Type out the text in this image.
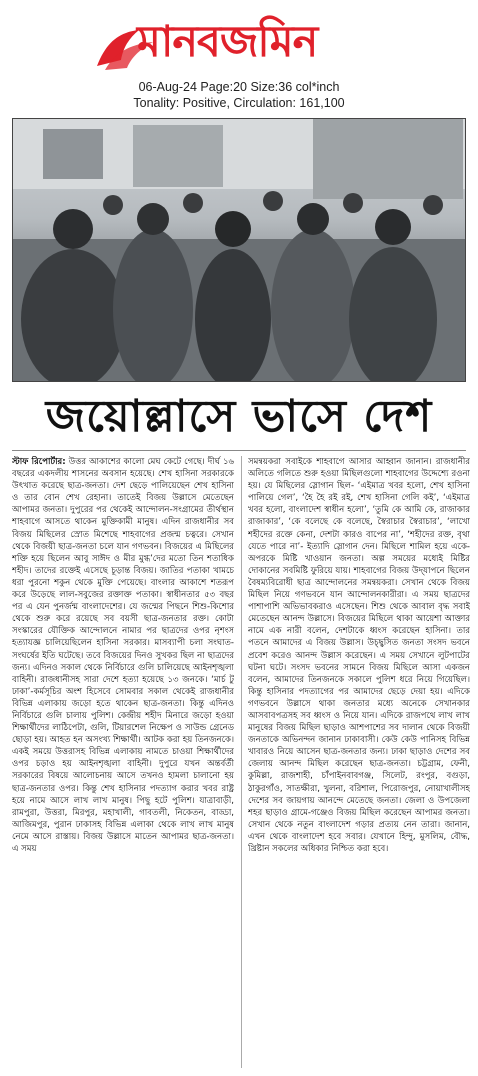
মানবজমিন
06-Aug-24 Page:20 Size:36 col*inch
Tonality: Positive, Circulation: 161,100
জয়োল্লাসে ভাসে দেশ
স্টাফ রিপোর্টার: উত্তর আকাশের কালো মেঘ কেটে গেছে। দীর্ঘ ১৬ বছরের একদলীয় শাসনের অবসান হয়েছে। শেখ হাসিনা সরকারকে উৎখাত করেছে ছাত্র-জনতা। দেশ ছেড়ে পালিয়েছেন শেখ হাসিনা ও তার বোন শেখ রেহানা। তাতেই বিজয় উল্লাসে মেতেছেন আপামর জনতা। দুপুরের পর থেকেই আন্দোলন-সংগ্রামের তীর্থস্থান শাহবাগে আসতে থাকেন মুক্তিকামী মানুষ। এদিন রাজধানীর সব বিজয় মিছিলের স্রোত মিশেছে শাহবাগের প্রজন্ম চত্বরে। সেখান থেকে বিজয়ী ছাত্র-জনতা চলে যান গণভবন। বিজয়ের এ মিছিলের শক্তি হয়ে ছিলেন আবু সাঈদ ও মীর মুগ্ধ’দের মতো তিন শতাধিক শহীদ। তাদের রক্তেই এসেছে চূড়ান্ত বিজয়। জাতির পতাকা খামচে ধরা পুরনো শকুন থেকে মুক্তি পেয়েছে। বাংলার আকাশে শতরূপ করে উড়েছে লাল-সবুজের রক্তাক্ত পতাকা। স্বাধীনতার ৫৩ বছর পর এ যেন পুনর্জন্ম বাংলাদেশের। যে জন্মের পিছনে শিশু-কিশোর থেকে শুরু করে রয়েছে সব বয়সী ছাত্র-জনতার রক্ত। কোটা সংস্কারের যৌক্তিক আন্দোলনে নামার পর ছাত্রদের ওপর নৃশংস হত্যাযজ্ঞ চালিয়েছিলেন হাসিনা সরকার। মাসব্যাপী চলা সংঘাত-সংঘর্ষের ইতি ঘটেছে। তবে বিজয়ের দিনও সুখকর ছিল না ছাত্রদের জন্য। এদিনও সকাল থেকে নির্বিচারে গুলি চালিয়েছে আইনশৃঙ্খলা বাহিনী। রাজধানীসহ সারা দেশে হত্যা হয়েছে ১৩ জনকে। ‘মার্চ টু ঢাকা’-কর্মসূচির অংশ হিসেবে সোমবার সকাল থেকেই রাজধানীর বিভিন্ন এলাকায় জড়ো হতে থাকেন ছাত্র-জনতা। কিন্তু এদিনও নির্বিচারে গুলি চালায় পুলিশ। কেন্দ্রীয় শহীদ মিনারে জড়ো হওয়া শিক্ষার্থীদের লাঠিপেটা, গুলি, টিয়ারশেল নিক্ষেপ ও সাউন্ড গ্রেনেড ছোড়া হয়। আহত হন অসংখ্য শিক্ষার্থী। আটক করা হয় তিনজনকে। একই সময়ে উত্তরাসহ বিভিন্ন এলাকায় নামতে চাওয়া শিক্ষার্থীদের ওপর চড়াও হয় আইনশৃঙ্খলা বাহিনী। দুপুরে যখন অন্তর্বর্তী সরকারের বিষয়ে আলোচনায় আসে তখনও হামলা চালানো হয় ছাত্র-জনতার ওপর। কিন্তু শেখ হাসিনার পদত্যাগ করার খবর রাষ্ট্র হয়ে নামে আসে লাখ লাখ মানুষ। পিছু হটে পুলিশ। যাত্রাবাড়ী, রামপুরা, উত্তরা, মিরপুর, মহাখালী, গাবতলী, নিকেতন, বাড্ডা, আজিমপুর, পুরান ঢাকাসহ বিভিন্ন এলাকা থেকে লাখ লাখ মানুষ নেমে আসে রাস্তায়। বিজয় উল্লাসে মাতেন আপামর ছাত্র-জনতা। এ সময়
সমন্বয়করা সবাইকে শাহবাগে আসার আহ্বান জানান। রাজধানীর অলিতে গলিতে শুরু হওয়া মিছিলগুলো শাহবাগের উদ্দেশ্যে রওনা হয়। যে মিছিলের স্লোগান ছিল- ‘এইমাত্র খবর হলো, শেখ হাসিনা পালিয়ে গেল’, ‘হৈ হৈ রই রই, শেখ হাসিনা গেলি কই’, ‘এইমাত্র খবর হলো, বাংলাদেশ স্বাধীন হলো’, ‘তুমি কে আমি কে, রাজাকার রাজাকার’, ‘কে বলেছে কে বলেছে, স্বৈরাচার স্বৈরাচার’, ‘লাখো শহীদের রক্তে কেনা, দেশটা কারও বাপের না’, ‘শহীদের রক্ত, বৃথা যেতে পারে না’- ইত্যাদি স্লোগান দেন। মিছিলে শামিল হয়ে একে-অপরকে মিষ্টি খাওয়ান জনতা। অল্প সময়ের মধ্যেই মিষ্টির দোকানের সবমিষ্টি ফুরিয়ে যায়। শাহবাগের বিজয় উদ্‌যাপনে ছিলেন বৈষম্যবিরোধী ছাত্র আন্দোলনের সমন্বয়করা। সেখান থেকে বিজয় মিছিল নিয়ে গণভবনে যান আন্দোলনকারীরা। এ সময় ছাত্রদের পাশাপাশি অভিভাবকরাও এসেছেন। শিশু থেকে আবাল বৃদ্ধ সবাই মেতেছেন আনন্দ উল্লাসে। বিজয়ের মিছিলে থাকা আয়েশা আক্তার নামে এক নারী বলেন, দেশটাকে ধ্বংস করেছেন হাসিনা। তার পতনে আমাদের এ বিজয় উল্লাস। উচ্ছ্বসিত জনতা সংসদ ভবনে প্রবেশ করেও আনন্দ উল্লাস করেছেন। এ সময় সেখানে লুটপাটের ঘটনা ঘটে। সংসদ ভবনের সামনে বিজয় মিছিলে আসা একজন বলেন, আমাদের তিনজনকে সকালে পুলিশ ধরে নিয়ে গিয়েছিল। কিন্তু হাসিনার পদত্যাগের পর আমাদের ছেড়ে দেয়া হয়। এদিকে গণভবনে উল্লাসে থাকা জনতার মধ্যে অনেকে সেখানকার আসবাবপত্রসহ সব ধ্বংস ও নিয়ে যান। এদিকে রাজপথে লাখ লাখ মানুষের বিজয় মিছিল ছাড়াও আশপাশের সব দালান থেকে বিজয়ী জনতাকে অভিনন্দন জানান ঢাকাবাসী। কেউ কেউ পানিসহ বিভিন্ন খাবারও নিয়ে আসেন ছাত্র-জনতার জন্য। ঢাকা ছাড়াও দেশের সব জেলায় আনন্দ মিছিল করেছেন ছাত্র-জনতা। চট্টগ্রাম, ফেনী, কুমিল্লা, রাজশাহী, চাঁপাইনবাবগঞ্জ, সিলেট, রংপুর, বগুড়া, ঠাকুরগাঁও, সাতক্ষীরা, খুলনা, বরিশাল, পিরোজপুর, নোয়াখালীসহ দেশের সব জায়গায় আনন্দে মেতেছে জনতা। জেলা ও উপজেলা শহর ছাড়াও গ্রামে-গঞ্জেও বিজয় মিছিল করেছেন আপামর জনতা। সেখান থেকে নতুন বাংলাদেশ গড়ার প্রত্যয় নেন তারা। জানান, এখন থেকে বাংলাদেশ হবে সবার। যেখানে হিন্দু, মুসলিম, বৌদ্ধ, খ্রিষ্টান সকলের অধিকার নিশ্চিত করা হবে।
